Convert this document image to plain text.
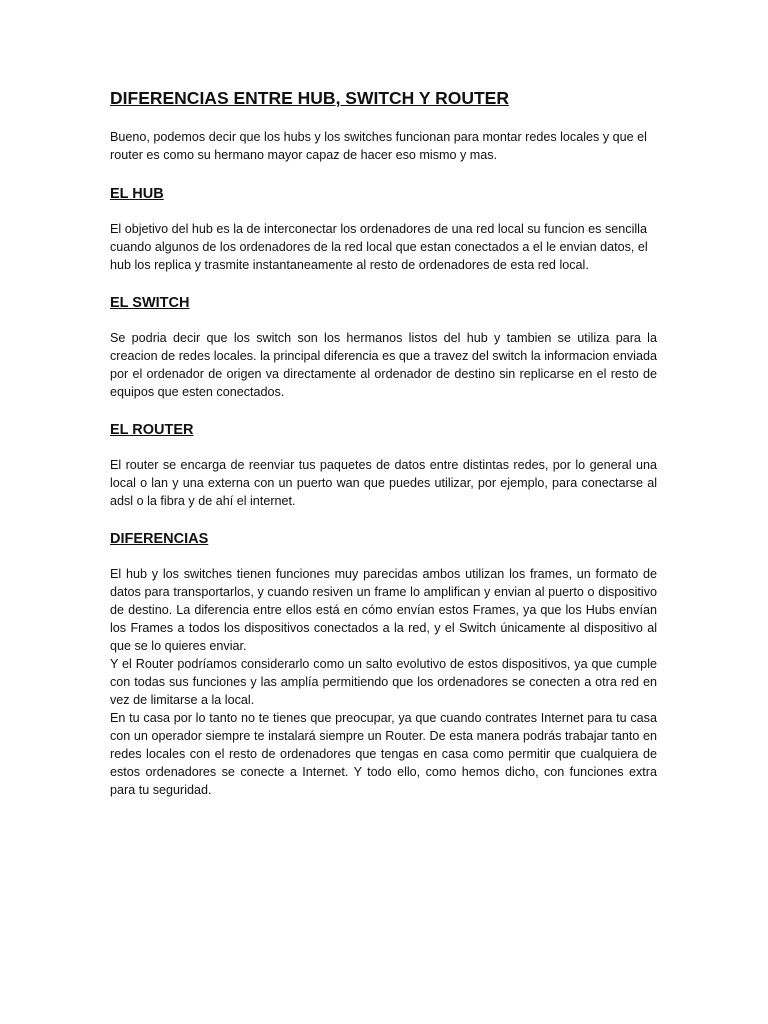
DIFERENCIAS ENTRE HUB, SWITCH Y ROUTER

Bueno, podemos decir que los hubs y los switches funcionan para montar redes locales y que el router es como su hermano mayor capaz de hacer eso mismo y mas.

EL HUB

El objetivo del hub es la de interconectar los ordenadores de una red local su funcion es sencilla cuando algunos de los ordenadores de la red local que estan conectados a el le envian datos, el hub los replica y trasmite instantaneamente al resto de ordenadores de esta red local.

EL SWITCH

Se podria decir que los switch son los hermanos listos del hub y tambien se utiliza para la creacion de redes locales. la principal diferencia es que a travez del switch la informacion enviada por el ordenador de origen va directamente al ordenador de destino sin replicarse en el resto de equipos que esten conectados.

EL ROUTER

El router se encarga de reenviar tus paquetes de datos entre distintas redes, por lo general una local o lan y una externa con un puerto wan que puedes utilizar, por ejemplo, para conectarse al adsl o la fibra y de ahí el internet.

DIFERENCIAS

El hub y los switches tienen funciones muy parecidas ambos utilizan los frames, un formato de datos para transportarlos, y cuando resiven un frame lo amplifican y envian al puerto o dispositivo de destino. La diferencia entre ellos está en cómo envían estos Frames, ya que los Hubs envían los Frames a todos los dispositivos conectados a la red, y el Switch únicamente al dispositivo al que se lo quieres enviar.

Y el Router podríamos considerarlo como un salto evolutivo de estos dispositivos, ya que cumple con todas sus funciones y las amplía permitiendo que los ordenadores se conecten a otra red en vez de limitarse a la local.

En tu casa por lo tanto no te tienes que preocupar, ya que cuando contrates Internet para tu casa con un operador siempre te instalará siempre un Router. De esta manera podrás trabajar tanto en redes locales con el resto de ordenadores que tengas en casa como permitir que cualquiera de estos ordenadores se conecte a Internet. Y todo ello, como hemos dicho, con funciones extra para tu seguridad.
